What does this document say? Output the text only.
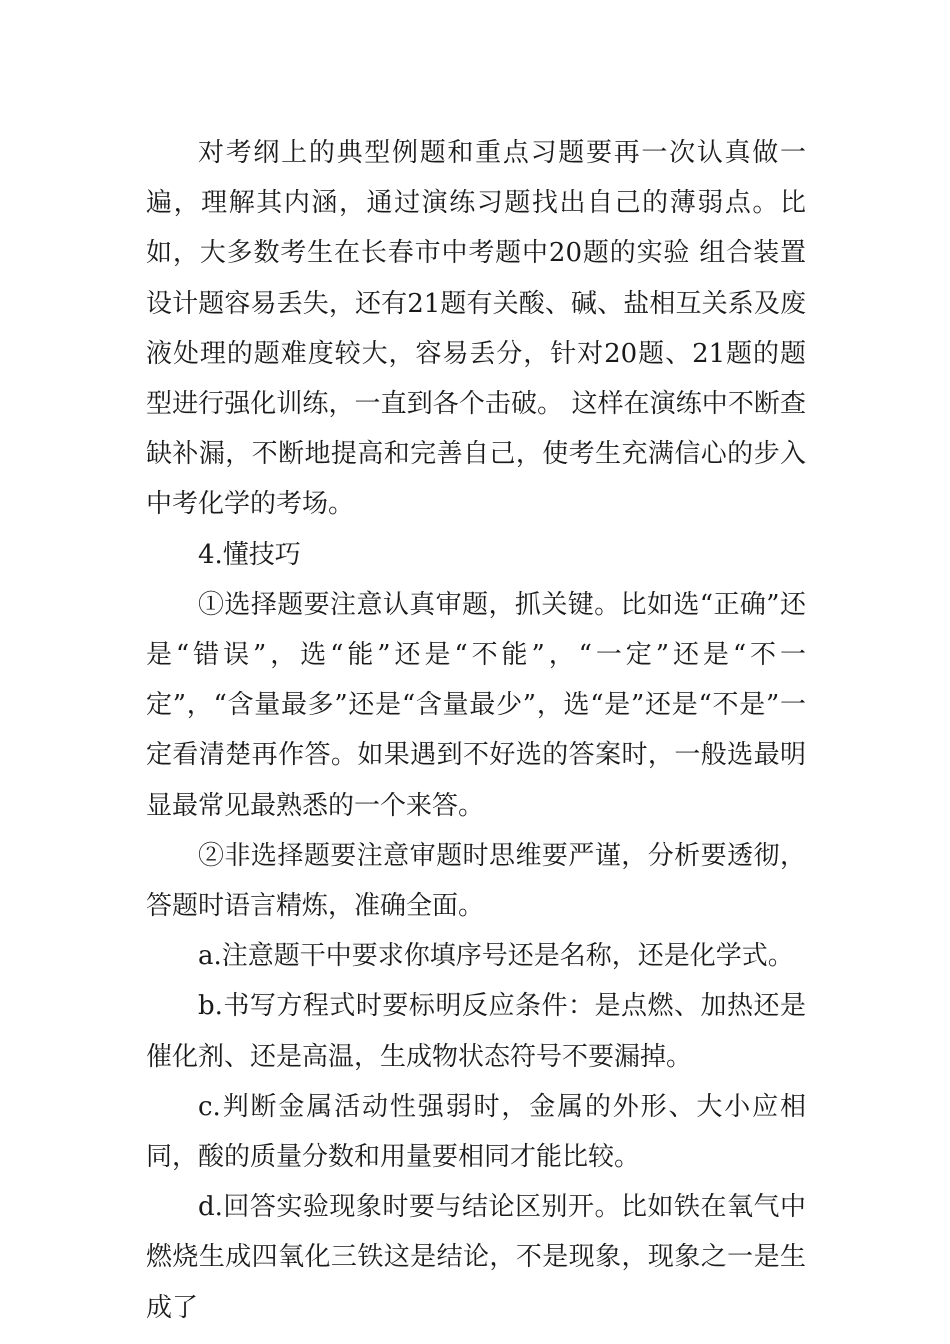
对考纲上的典型例题和重点习题要再一次认真做一遍，理解其内涵，通过演练习题找出自己的薄弱点。比如，大多数考生在长春市中考题中20题的实验 组合装置设计题容易丢失，还有21题有关酸、碱、盐相互关系及废液处理的题难度较大，容易丢分，针对20题、21题的题型进行强化训练，一直到各个击破。 这样在演练中不断查缺补漏，不断地提高和完善自己，使考生充满信心的步入中考化学的考场。

4.懂技巧

①选择题要注意认真审题，抓关键。比如选“正确”还是“错误”，选“能”还是“不能”，“一定”还是“不一定”，“含量最多”还是“含量最少”，选“是”还是“不是”一定看清楚再作答。如果遇到不好选的答案时，一般选最明显最常见最熟悉的一个来答。

②非选择题要注意审题时思维要严谨，分析要透彻，答题时语言精炼，准确全面。

a.注意题干中要求你填序号还是名称，还是化学式。

b.书写方程式时要标明反应条件：是点燃、加热还是催化剂、还是高温，生成物状态符号不要漏掉。

c.判断金属活动性强弱时，金属的外形、大小应相同，酸的质量分数和用量要相同才能比较。

d.回答实验现象时要与结论区别开。比如铁在氧气中燃烧生成四氧化三铁这是结论，不是现象，现象之一是生成了
